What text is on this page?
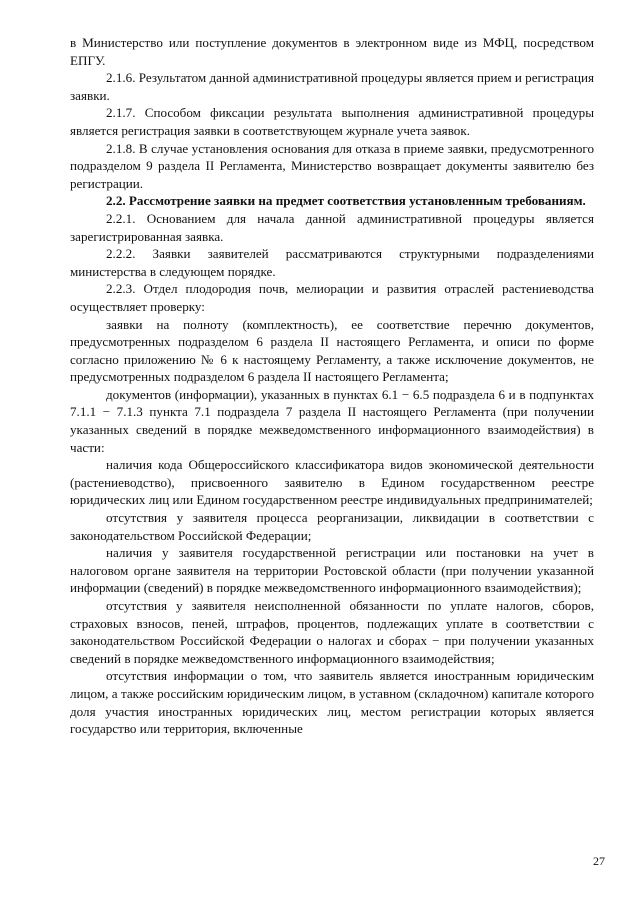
в Министерство или поступление документов в электронном виде из МФЦ, посредством ЕПГУ.

2.1.6. Результатом данной административной процедуры является прием и регистрация заявки.

2.1.7. Способом фиксации результата выполнения административной процедуры является регистрация заявки в соответствующем журнале учета заявок.

2.1.8. В случае установления основания для отказа в приеме заявки, предусмотренного подразделом 9 раздела II Регламента, Министерство возвращает документы заявителю без регистрации.

2.2. Рассмотрение заявки на предмет соответствия установленным требованиям.

2.2.1. Основанием для начала данной административной процедуры является зарегистрированная заявка.

2.2.2. Заявки заявителей рассматриваются структурными подразделениями министерства в следующем порядке.

2.2.3. Отдел плодородия почв, мелиорации и развития отраслей растениеводства осуществляет проверку:

заявки на полноту (комплектность), ее соответствие перечню документов, предусмотренных подразделом 6 раздела II настоящего Регламента, и описи по форме согласно приложению № 6 к настоящему Регламенту, а также исключение документов, не предусмотренных подразделом 6 раздела II настоящего Регламента;

документов (информации), указанных в пунктах 6.1 − 6.5 подраздела 6 и в подпунктах 7.1.1 − 7.1.3 пункта 7.1 подраздела 7 раздела II настоящего Регламента (при получении указанных сведений в порядке межведомственного информационного взаимодействия) в части:

наличия кода Общероссийского классификатора видов экономической деятельности (растениеводство), присвоенного заявителю в Едином государственном реестре юридических лиц или Едином государственном реестре индивидуальных предпринимателей;

отсутствия у заявителя процесса реорганизации, ликвидации в соответствии с законодательством Российской Федерации;

наличия у заявителя государственной регистрации или постановки на учет в налоговом органе заявителя на территории Ростовской области (при получении указанной информации (сведений) в порядке межведомственного информационного взаимодействия);

отсутствия у заявителя неисполненной обязанности по уплате налогов, сборов, страховых взносов, пеней, штрафов, процентов, подлежащих уплате в соответствии с законодательством Российской Федерации о налогах и сборах − при получении указанных сведений в порядке межведомственного информационного взаимодействия;

отсутствия информации о том, что заявитель является иностранным юридическим лицом, а также российским юридическим лицом, в уставном (складочном) капитале которого доля участия иностранных юридических лиц, местом регистрации которых является государство или территория, включенные

27
